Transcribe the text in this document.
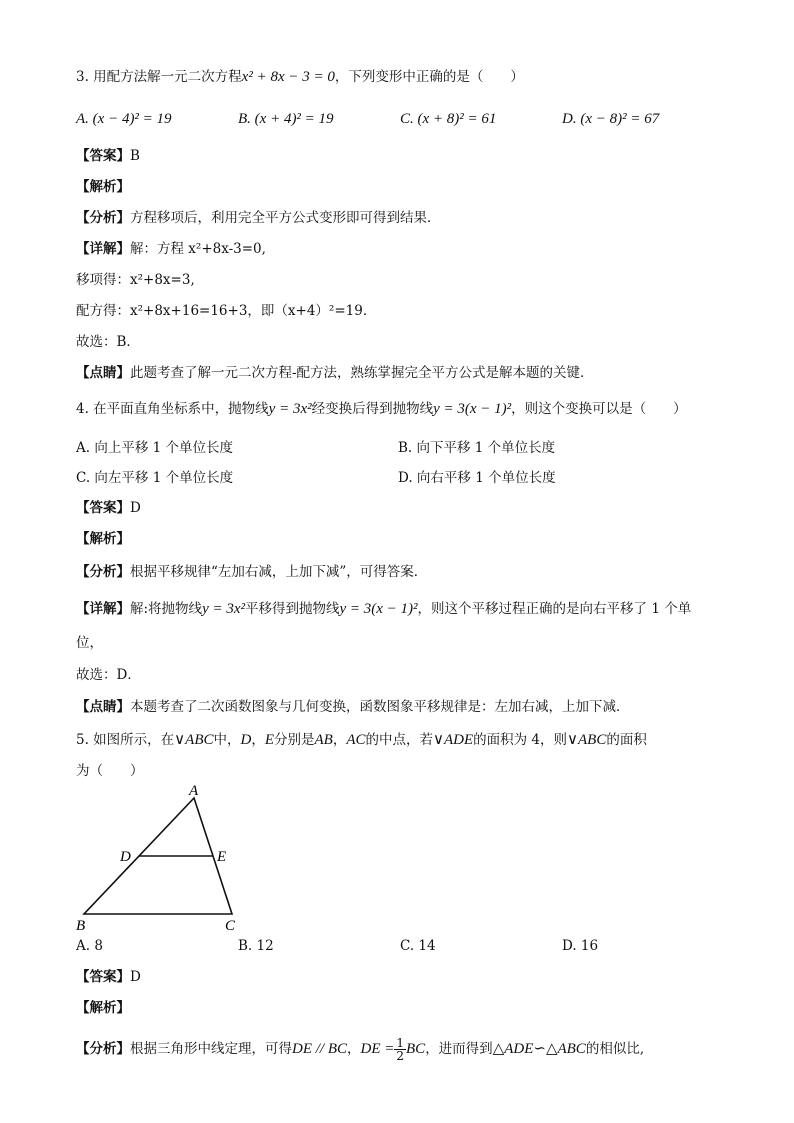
3. 用配方法解一元二次方程x² + 8x − 3 = 0，下列变形中正确的是（　　）
A. (x − 4)² = 19	B. (x + 4)² = 19	C. (x + 8)² = 61	D. (x − 8)² = 67
【答案】B
【解析】
【分析】方程移项后，利用完全平方公式变形即可得到结果．
【详解】解：方程 x²+8x-3=0,
移项得：x²+8x=3,
配方得：x²+8x+16=16+3，即（x+4）²=19．
故选：B．
【点睛】此题考查了解一元二次方程-配方法，熟练掌握完全平方公式是解本题的关键．
4. 在平面直角坐标系中，抛物线y = 3x²经变换后得到抛物线y = 3(x − 1)²，则这个变换可以是（　　）
A. 向上平移 1 个单位长度	B. 向下平移 1 个单位长度
C. 向左平移 1 个单位长度	D. 向右平移 1 个单位长度
【答案】D
【解析】
【分析】根据平移规律“左加右减，上加下减”，可得答案．
【详解】解:将抛物线y = 3x²平移得到抛物线y = 3(x − 1)²，则这个平移过程正确的是向右平移了 1 个单
位，
故选：D．
【点睛】本题考查了二次函数图象与几何变换，函数图象平移规律是：左加右减，上加下减．
5. 如图所示，在∨ABC中，D，E分别是AB，AC的中点，若∨ADE的面积为 4，则∨ABC的面积
为（　　）
A
D	E
B	C
A. 8	B. 12	C. 14	D. 16
【答案】D
【解析】
【分析】根据三角形中线定理，可得DE // BC，DE = $\frac{1}{2}$ BC，进而得到△ADE∽△ABC的相似比,
